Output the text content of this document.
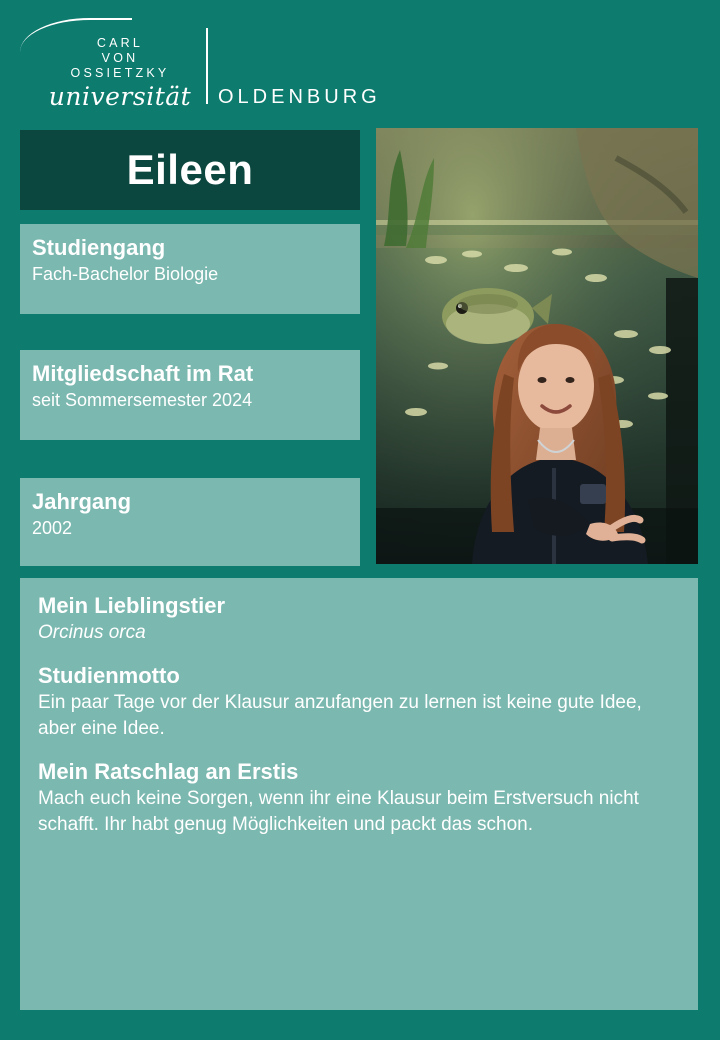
CARL
VON
OSSIETZKY
universität	OLDENBURG
Eileen
Studiengang
Fach-Bachelor Biologie
Mitgliedschaft im Rat
seit Sommersemester 2024
Jahrgang
2002
Mein Lieblingstier
Orcinus orca
Studienmotto
Ein paar Tage vor der Klausur anzufangen zu lernen ist keine gute Idee, aber eine Idee.
Mein Ratschlag an Erstis
Mach euch keine Sorgen, wenn ihr eine Klausur beim Erstversuch nicht schafft. Ihr habt genug Möglichkeiten und packt das schon.
